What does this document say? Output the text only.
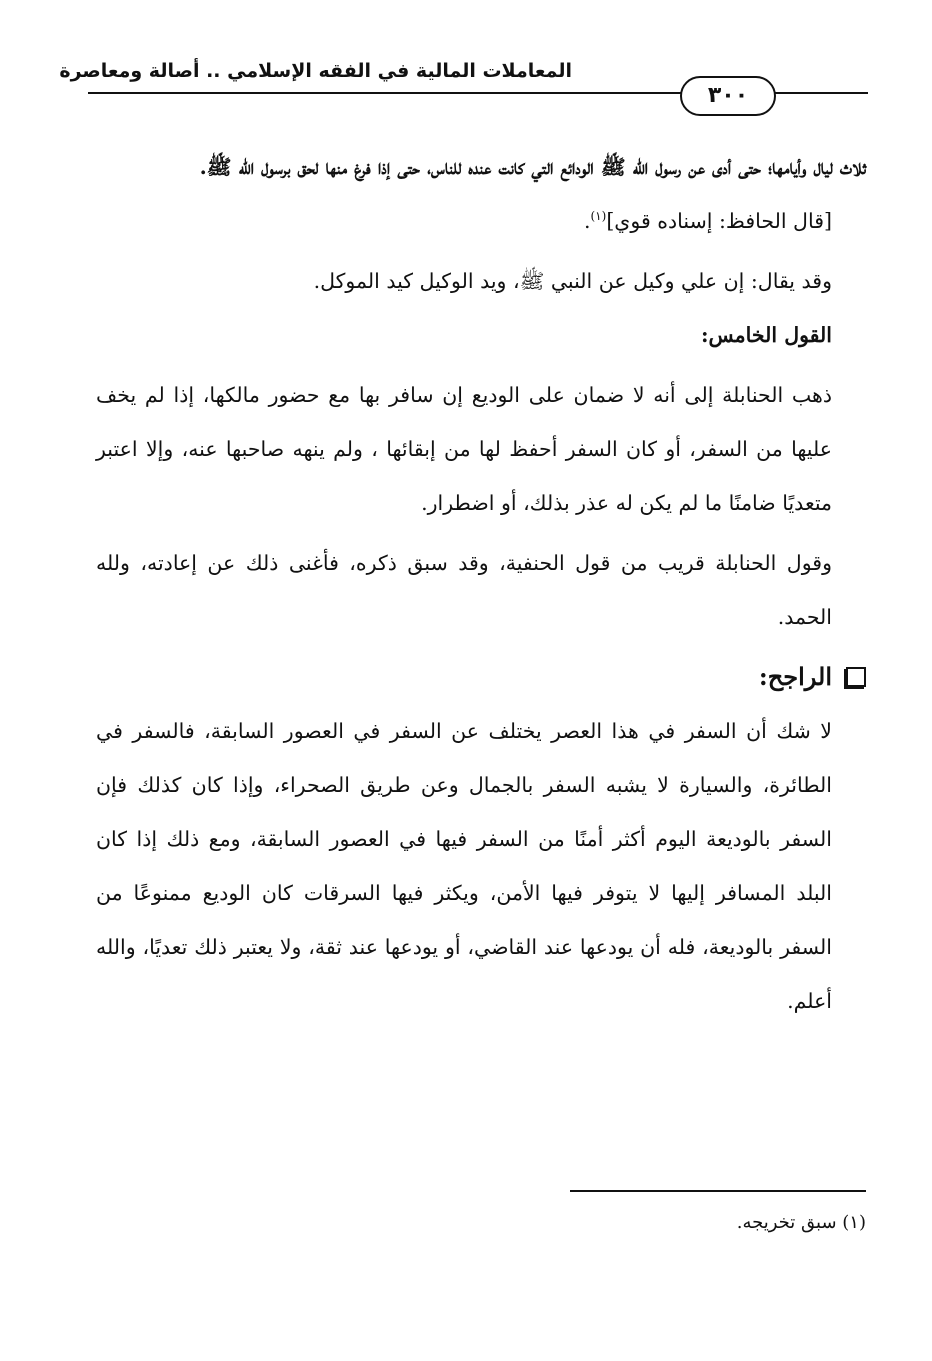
المعاملات المالية في الفقه الإسلامي .. أصالة ومعاصرة
٣٠٠

ثلاث ليال وأيامها؛ حتى أدى عن رسول الله ﷺ الودائع التي كانت عنده للناس، حتى إذا فرغ منها لحق برسول الله ﷺ.

[قال الحافظ: إسناده قوي]$^{(١)}$.

وقد يقال: إن علي وكيل عن النبي ﷺ، ويد الوكيل كيد الموكل.

القول الخامس:

ذهب الحنابلة إلى أنه لا ضمان على الوديع إن سافر بها مع حضور مالكها، إذا لم يخف عليها من السفر، أو كان السفر أحفظ لها من إبقائها ، ولم ينهه صاحبها عنه، وإلا اعتبر متعديًا ضامنًا ما لم يكن له عذر بذلك، أو اضطرار.

وقول الحنابلة قريب من قول الحنفية، وقد سبق ذكره، فأغنى ذلك عن إعادته، ولله الحمد.

الراجح:

لا شك أن السفر في هذا العصر يختلف عن السفر في العصور السابقة، فالسفر في الطائرة، والسيارة لا يشبه السفر بالجمال وعن طريق الصحراء، وإذا كان كذلك فإن السفر بالوديعة اليوم أكثر أمنًا من السفر فيها في العصور السابقة، ومع ذلك إذا كان البلد المسافر إليها لا يتوفر فيها الأمن، ويكثر فيها السرقات كان الوديع ممنوعًا من السفر بالوديعة، فله أن يودعها عند القاضي، أو يودعها عند ثقة، ولا يعتبر ذلك تعديًا، والله أعلم.

(١) سبق تخريجه.
